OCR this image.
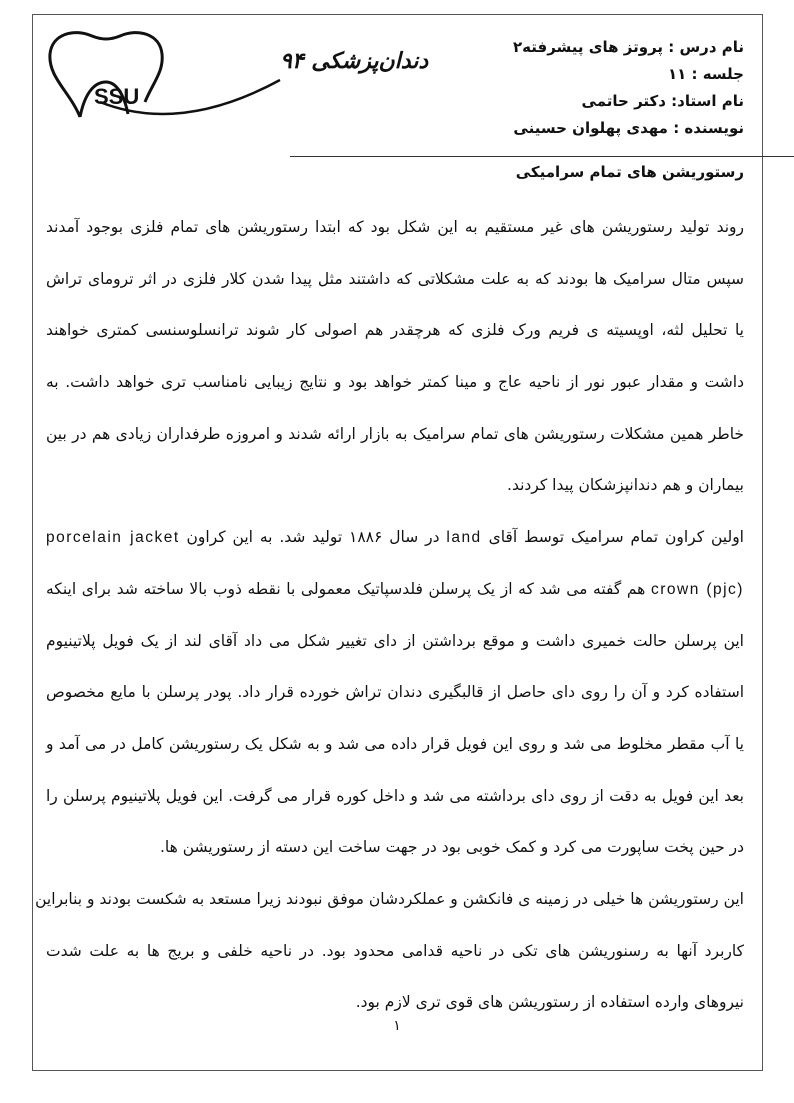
SSU
دندان‌پزشکی ۹۴
نام درس : پروتز های پیشرفته۲
جلسه : ۱۱
نام استاد: دکتر حاتمی
نویسنده : مهدی پهلوان حسینی
رستوریشن های تمام سرامیکی
روند تولید رستوریشن های غیر مستقیم به این شکل بود که ابتدا رستوریشن های تمام فلزی بوجود آمدند
سپس متال سرامیک ها بودند که به علت مشکلاتی که داشتند مثل پیدا شدن کلار فلزی در اثر ترومای تراش
یا تحلیل لثه، اوپسیته ی فریم ورک فلزی که هرچقدر هم اصولی کار شوند ترانسلوسنسی کمتری خواهند
داشت و مقدار عبور نور از ناحیه عاج و مینا کمتر خواهد بود و نتایج زیبایی نامناسب تری خواهد داشت. به
خاطر همین مشکلات رستوریشن های تمام سرامیک به بازار ارائه شدند و امروزه طرفداران زیادی هم در بین
بیماران و هم دندانپزشکان پیدا کردند.
اولین کراون تمام سرامیک توسط آقای land در سال ۱۸۸۶ تولید شد. به این کراون porcelain jacket
crown (pjc) هم گفته می شد که از یک پرسلن فلدسپاتیک معمولی با نقطه ذوب بالا ساخته شد برای اینکه
این پرسلن حالت خمیری داشت و موقع برداشتن از دای تغییر شکل می داد آقای لند از یک فویل پلاتینیوم
استفاده کرد و آن را روی دای حاصل از قالبگیری دندان تراش خورده قرار داد. پودر پرسلن با مایع مخصوص
یا آب مقطر مخلوط می شد و روی این فویل قرار داده می شد و به شکل یک رستوریشن کامل در می آمد و
بعد این فویل به دقت از روی دای برداشته می شد و داخل کوره قرار می گرفت. این فویل پلاتینیوم پرسلن را
در حین پخت ساپورت می کرد و کمک خوبی بود در جهت ساخت این دسته از رستوریشن ها.
این رستوریشن ها خیلی در زمینه ی فانکشن و عملکردشان موفق نبودند زیرا مستعد به شکست بودند و بنابراین
کاربرد آنها به رسنوریشن های تکی در ناحیه قدامی محدود بود. در ناحیه خلفی و بریج ها به علت شدت
نیروهای وارده استفاده از رستوریشن های قوی تری لازم بود.
۱
